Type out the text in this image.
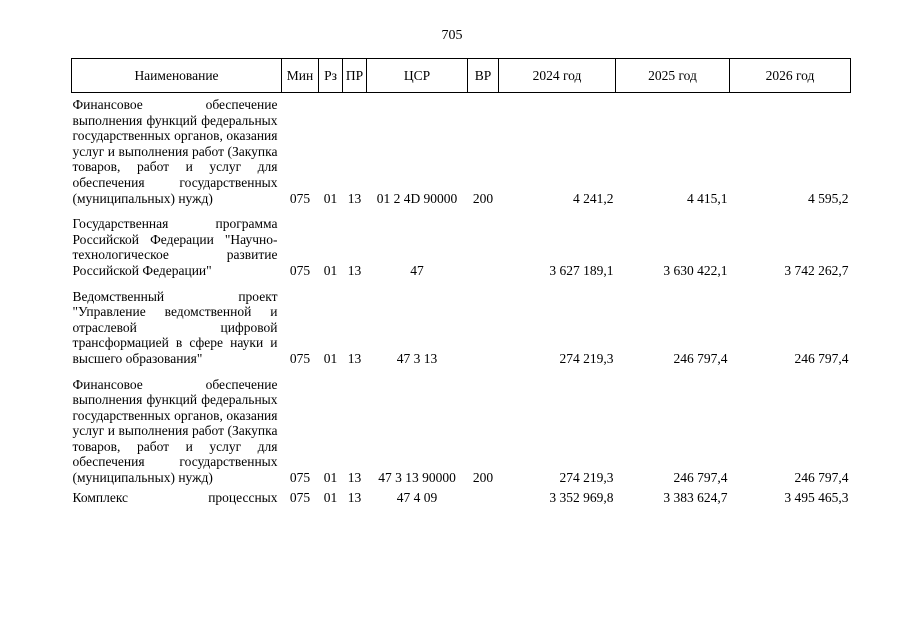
705
Наименование	Мин	Рз	ПР	ЦСР	ВР	2024 год	2025 год	2026 год
Финансовое обеспечение выполнения функций федеральных государственных органов, оказания услуг и выполнения работ (Закупка товаров, работ и услуг для обеспечения государственных (муниципальных) нужд)	075	01	13	01 2 4D 90000	200	4 241,2	4 415,1	4 595,2

Государственная программа Российской Федерации "Научно-технологическое развитие Российской Федерации"	075	01	13	47		3 627 189,1	3 630 422,1	3 742 262,7

Ведомственный проект "Управление ведомственной и отраслевой цифровой трансформацией в сфере науки и высшего образования"	075	01	13	47 3 13		274 219,3	246 797,4	246 797,4

Финансовое обеспечение выполнения функций федеральных государственных органов, оказания услуг и выполнения работ (Закупка товаров, работ и услуг для обеспечения государственных (муниципальных) нужд)	075	01	13	47 3 13 90000	200	274 219,3	246 797,4	246 797,4

Комплекс процессных	075	01	13	47 4 09		3 352 969,8	3 383 624,7	3 495 465,3
